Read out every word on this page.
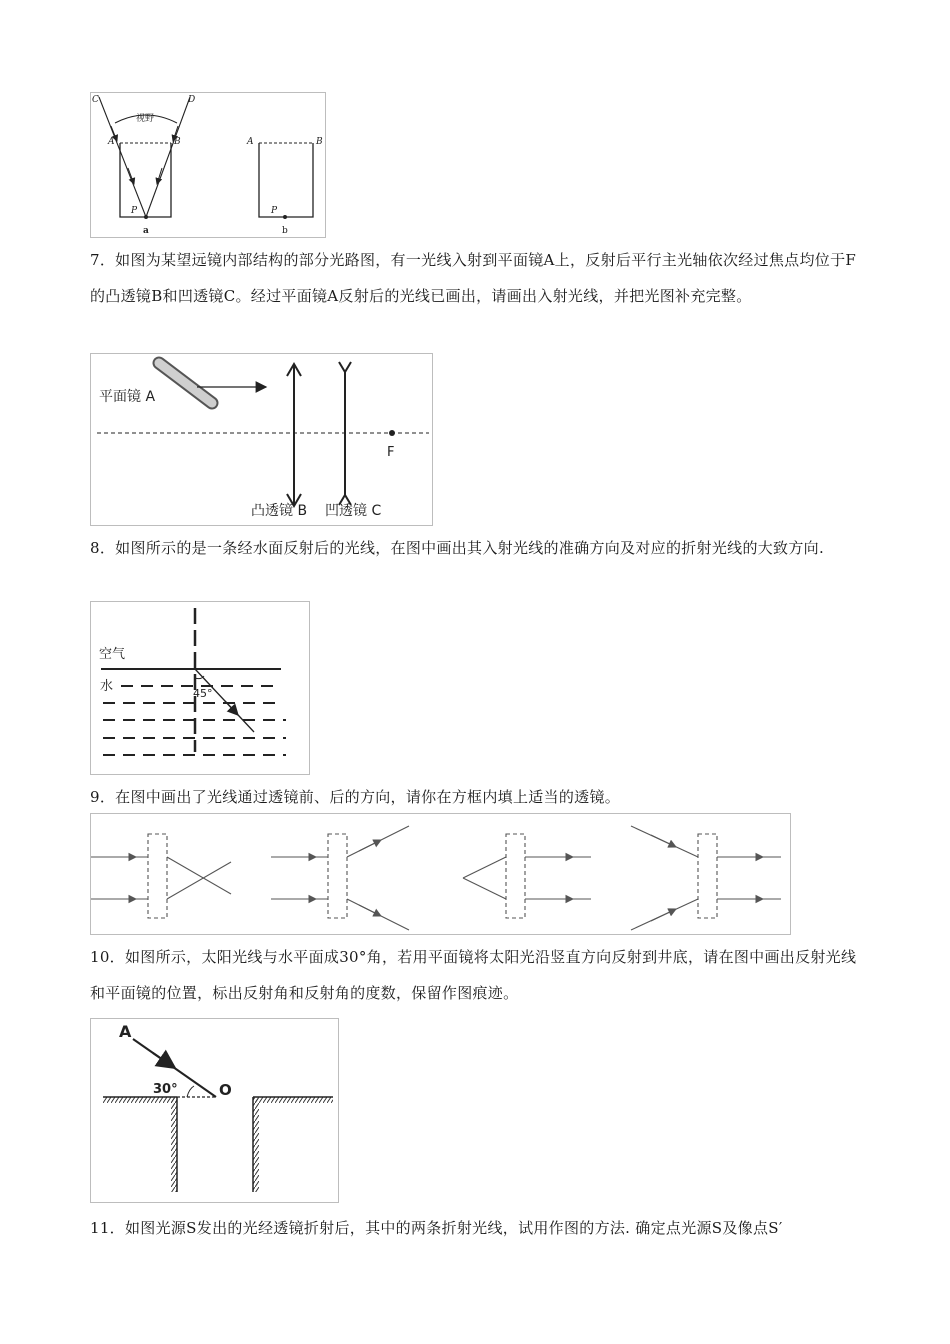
视野
C	D
A	B
P
a
A	B
P
b

7．如图为某望远镜内部结构的部分光路图，有一光线入射到平面镜A上，反射后平行主光轴依次经过焦点均位于F的凸透镜B和凹透镜C。经过平面镜A反射后的光线已画出，请画出入射光线，并把光图补充完整。

F
平面镜 A
凸透镜 B 凹透镜 C

8．如图所示的是一条经水面反射后的光线，在图中画出其入射光线的准确方向及对应的折射光线的大致方向.

空气
水	45°

9．在图中画出了光线通过透镜前、后的方向，请你在方框内填上适当的透镜。

10．如图所示，太阳光线与水平面成30°角，若用平面镜将太阳光沿竖直方向反射到井底，请在图中画出反射光线和平面镜的位置，标出反射角和反射角的度数，保留作图痕迹。

A
O
30°

11．如图光源S发出的光经透镜折射后，其中的两条折射光线，试用作图的方法. 确定点光源S及像点S′
